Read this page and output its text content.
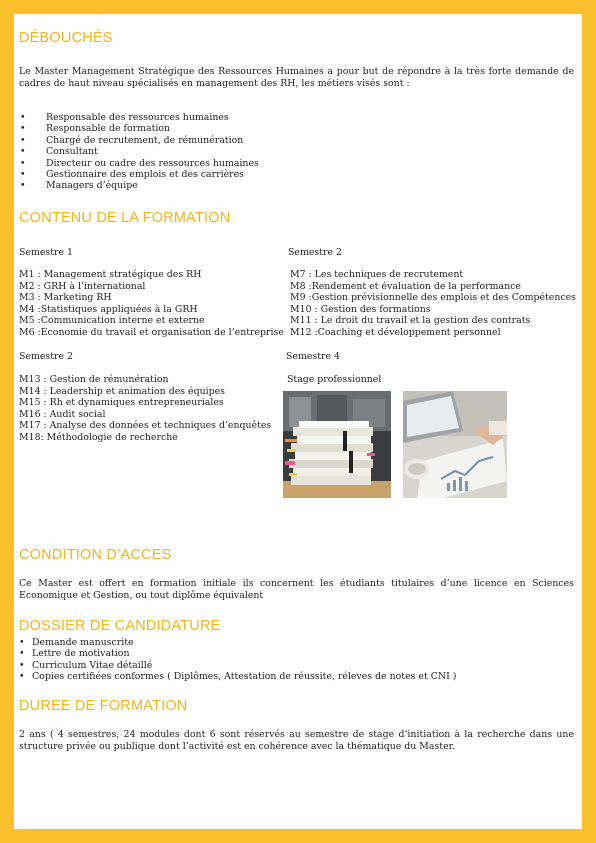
DÉBOUCHÉS
Le Master Management Stratégique des Ressources Humaines a pour but de répondre à la très forte demande de cadres de haut niveau spécialisés en management des RH, les métiers visés sont :
• Responsable des ressources humaines
• Responsable de formation
• Chargé de recrutement, de rémunération
• Consultant
• Directeur ou cadre des ressources humaines
• Gestionnaire des emplois et des carrières
• Managers d’équipe
CONTENU DE LA FORMATION
Semestre 1
M1 : Management stratégique des RH
M2 : GRH à l’international
M3 : Marketing RH
M4 :Statistiques appliquées à la GRH
M5 :Communication interne et externe
M6 :Economie du travail et organisation de l’entreprise
Semestre 2
M7 : Les techniques de recrutement
M8 :Rendement et évaluation de la performance
M9 :Gestion prévisionnelle des emplois et des Compétences
M10 : Gestion des formations
M11 : Le droit du travail et la gestion des contrats
M12 :Coaching et développement personnel
Semestre 2
M13 : Gestion de rémunération
M14 : Leadership et animation des équipes
M15 : Rh et dynamiques entrepreneuriales
M16 : Audit social
M17 : Analyse des données et techniques d’enquêtes
M18: Méthodologie de recherche
Semestre 4
Stage professionnel
CONDITION D’ACCES
Ce Master est offert en formation initiale ils concernent les étudiants titulaires d’une licence en Sciences Economique et Gestion, ou tout diplôme équivalent
DOSSIER DE CANDIDATURE
• Demande manuscrite
• Lettre de motivation
• Curriculum Vitae détaillé
• Copies certifiées conformes ( Diplômes, Attestation de réussite, réleves de notes et CNI )
DUREE DE FORMATION
2 ans ( 4 semestres, 24 modules dont 6 sont réservés au semestre de stage d’initiation à la recherche dans une structure privée ou publique dont l’activité est en cohérence avec la thématique du Master.
